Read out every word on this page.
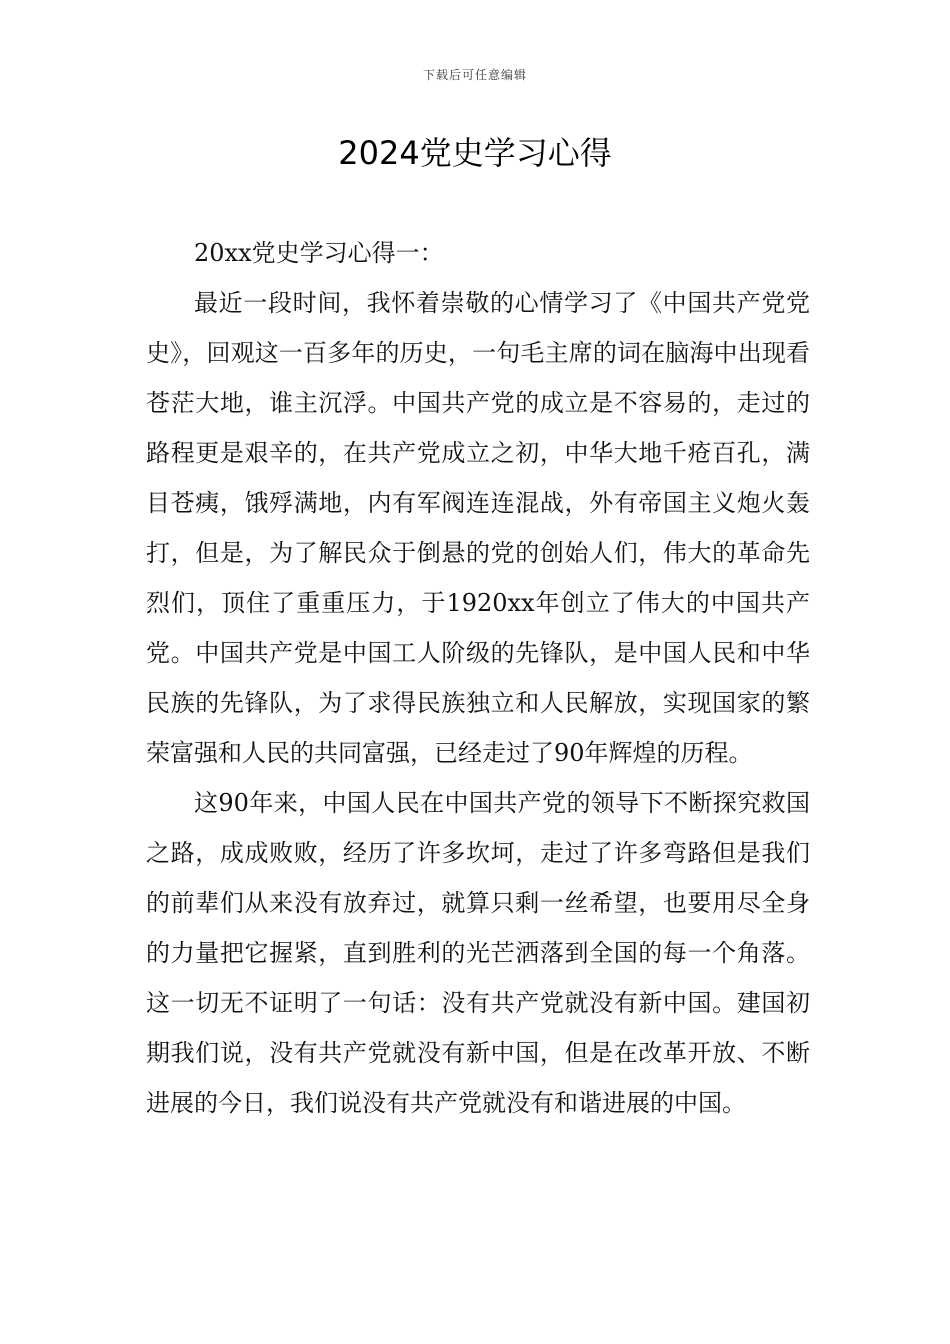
下载后可任意编辑
2024党史学习心得

20xx党史学习心得一：

最近一段时间，我怀着崇敬的心情学习了《中国共产党党史》，回观这一百多年的历史，一句毛主席的词在脑海中出现看苍茫大地，谁主沉浮。中国共产党的成立是不容易的，走过的路程更是艰辛的，在共产党成立之初，中华大地千疮百孔，满目苍痍，饿殍满地，内有军阀连连混战，外有帝国主义炮火轰打，但是，为了解民众于倒悬的党的创始人们，伟大的革命先烈们，顶住了重重压力，于1920xx年创立了伟大的中国共产党。中国共产党是中国工人阶级的先锋队，是中国人民和中华民族的先锋队，为了求得民族独立和人民解放，实现国家的繁荣富强和人民的共同富强，已经走过了90年辉煌的历程。

这90年来，中国人民在中国共产党的领导下不断探究救国之路，成成败败，经历了许多坎坷，走过了许多弯路但是我们的前辈们从来没有放弃过，就算只剩一丝希望，也要用尽全身的力量把它握紧，直到胜利的光芒洒落到全国的每一个角落。这一切无不证明了一句话：没有共产党就没有新中国。建国初期我们说，没有共产党就没有新中国，但是在改革开放、不断进展的今日，我们说没有共产党就没有和谐进展的中国。
